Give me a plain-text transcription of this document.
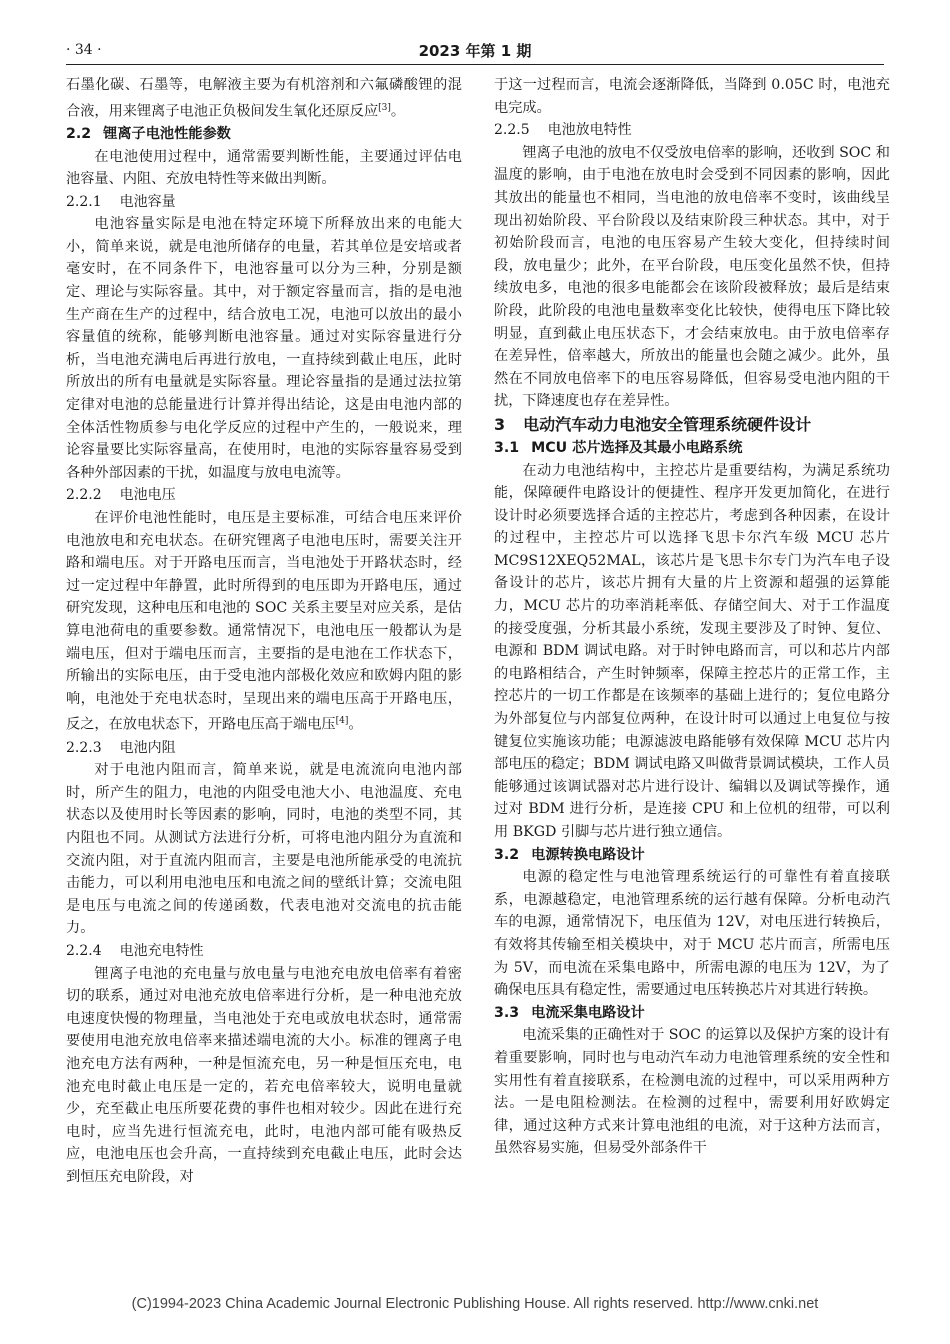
· 34 ·	2023 年第 1 期

石墨化碳、石墨等，电解液主要为有机溶剂和六氟磷酸锂的混合液，用来锂离子电池正负极间发生氧化还原反应[3]。

2.2 锂离子电池性能参数

在电池使用过程中，通常需要判断性能，主要通过评估电池容量、内阻、充放电特性等来做出判断。

2.2.1 电池容量

电池容量实际是电池在特定环境下所释放出来的电能大小，简单来说，就是电池所储存的电量，若其单位是安培或者毫安时，在不同条件下，电池容量可以分为三种，分别是额定、理论与实际容量。其中，对于额定容量而言，指的是电池生产商在生产的过程中，结合放电工况，电池可以放出的最小容量值的统称，能够判断电池容量。通过对实际容量进行分析，当电池充满电后再进行放电，一直持续到截止电压，此时所放出的所有电量就是实际容量。理论容量指的是通过法拉第定律对电池的总能量进行计算并得出结论，这是由电池内部的全体活性物质参与电化学反应的过程中产生的，一般说来，理论容量要比实际容量高，在使用时，电池的实际容量容易受到各种外部因素的干扰，如温度与放电电流等。

2.2.2 电池电压

在评价电池性能时，电压是主要标准，可结合电压来评价电池放电和充电状态。在研究锂离子电池电压时，需要关注开路和端电压。对于开路电压而言，当电池处于开路状态时，经过一定过程中年静置，此时所得到的电压即为开路电压，通过研究发现，这种电压和电池的 SOC 关系主要呈对应关系，是估算电池荷电的重要参数。通常情况下，电池电压一般都认为是端电压，但对于端电压而言，主要指的是电池在工作状态下，所输出的实际电压，由于受电池内部极化效应和欧姆内阻的影响，电池处于充电状态时，呈现出来的端电压高于开路电压，反之，在放电状态下，开路电压高于端电压[4]。

2.2.3 电池内阻

对于电池内阻而言，简单来说，就是电流流向电池内部时，所产生的阻力，电池的内阻受电池大小、电池温度、充电状态以及使用时长等因素的影响，同时，电池的类型不同，其内阻也不同。从测试方法进行分析，可将电池内阻分为直流和交流内阻，对于直流内阻而言，主要是电池所能承受的电流抗击能力，可以利用电池电压和电流之间的壁纸计算；交流电阻是电压与电流之间的传递函数，代表电池对交流电的抗击能力。

2.2.4 电池充电特性

锂离子电池的充电量与放电量与电池充电放电倍率有着密切的联系，通过对电池充放电倍率进行分析，是一种电池充放电速度快慢的物理量，当电池处于充电或放电状态时，通常需要使用电池充放电倍率来描述端电流的大小。标准的锂离子电池充电方法有两种，一种是恒流充电，另一种是恒压充电，电池充电时截止电压是一定的，若充电倍率较大，说明电量就少，充至截止电压所要花费的事件也相对较少。因此在进行充电时，应当先进行恒流充电，此时，电池内部可能有吸热反应，电池电压也会升高，一直持续到充电截止电压，此时会达到恒压充电阶段，对

于这一过程而言，电流会逐渐降低，当降到 0.05C 时，电池充电完成。

2.2.5 电池放电特性

锂离子电池的放电不仅受放电倍率的影响，还收到 SOC 和温度的影响，由于电池在放电时会受到不同因素的影响，因此其放出的能量也不相同，当电池的放电倍率不变时，该曲线呈现出初始阶段、平台阶段以及结束阶段三种状态。其中，对于初始阶段而言，电池的电压容易产生较大变化，但持续时间段，放电量少；此外，在平台阶段，电压变化虽然不快，但持续放电多，电池的很多电能都会在该阶段被释放；最后是结束阶段，此阶段的电池电量数率变化比较快，使得电压下降比较明显，直到截止电压状态下，才会结束放电。由于放电倍率存在差异性，倍率越大，所放出的能量也会随之减少。此外，虽然在不同放电倍率下的电压容易降低，但容易受电池内阻的干扰，下降速度也存在差异性。

3 电动汽车动力电池安全管理系统硬件设计
3.1 MCU 芯片选择及其最小电路系统

在动力电池结构中，主控芯片是重要结构，为满足系统功能，保障硬件电路设计的便捷性、程序开发更加简化，在进行设计时必须要选择合适的主控芯片，考虑到各种因素，在设计的过程中，主控芯片可以选择飞思卡尔汽车级 MCU 芯片 MC9S12XEQ52MAL，该芯片是飞思卡尔专门为汽车电子设备设计的芯片，该芯片拥有大量的片上资源和超强的运算能力，MCU 芯片的功率消耗率低、存储空间大、对于工作温度的接受度强，分析其最小系统，发现主要涉及了时钟、复位、电源和 BDM 调试电路。对于时钟电路而言，可以和芯片内部的电路相结合，产生时钟频率，保障主控芯片的正常工作，主控芯片的一切工作都是在该频率的基础上进行的；复位电路分为外部复位与内部复位两种，在设计时可以通过上电复位与按键复位实施该功能；电源滤波电路能够有效保障 MCU 芯片内部电压的稳定；BDM 调试电路又叫做背景调试模块，工作人员能够通过该调试器对芯片进行设计、编辑以及调试等操作，通过对 BDM 进行分析，是连接 CPU 和上位机的纽带，可以利用 BKGD 引脚与芯片进行独立通信。

3.2 电源转换电路设计

电源的稳定性与电池管理系统运行的可靠性有着直接联系，电源越稳定，电池管理系统的运行越有保障。分析电动汽车的电源，通常情况下，电压值为 12V，对电压进行转换后，有效将其传输至相关模块中，对于 MCU 芯片而言，所需电压为 5V，而电流在采集电路中，所需电源的电压为 12V，为了确保电压具有稳定性，需要通过电压转换芯片对其进行转换。

3.3 电流采集电路设计

电流采集的正确性对于 SOC 的运算以及保护方案的设计有着重要影响，同时也与电动汽车动力电池管理系统的安全性和实用性有着直接联系，在检测电流的过程中，可以采用两种方法。一是电阻检测法。在检测的过程中，需要利用好欧姆定律，通过这种方式来计算电池组的电流，对于这种方法而言，虽然容易实施，但易受外部条件干

(C)1994-2023 China Academic Journal Electronic Publishing House. All rights reserved. http://www.cnki.net
